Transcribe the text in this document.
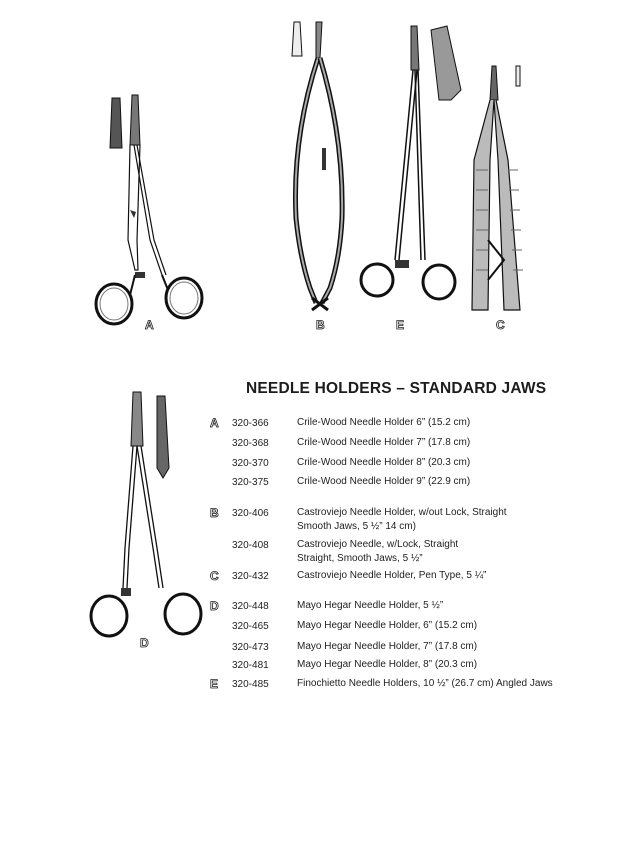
A	B	E	C
D
NEEDLE HOLDERS – STANDARD JAWS
A	320-366	Crile-Wood Needle Holder 6” (15.2 cm)
320-368	Crile-Wood Needle Holder 7” (17.8 cm)
320-370	Crile-Wood Needle Holder 8” (20.3 cm)
320-375	Crile-Wood Needle Holder 9” (22.9 cm)
B	320-406	Castroviejo Needle Holder, w/out Lock, Straight
Smooth Jaws, 5 ½” 14 cm)
320-408	Castroviejo Needle, w/Lock, Straight
Straight, Smooth Jaws, 5 ½”
C	320-432	Castroviejo Needle Holder, Pen Type, 5 ¼”
D	320-448	Mayo Hegar Needle Holder, 5 ½”
320-465	Mayo Hegar Needle Holder, 6” (15.2 cm)
320-473	Mayo Hegar Needle Holder, 7” (17.8 cm)
320-481	Mayo Hegar Needle Holder, 8” (20.3 cm)
E	320-485	Finochietto Needle Holders, 10 ½” (26.7 cm) Angled Jaws
